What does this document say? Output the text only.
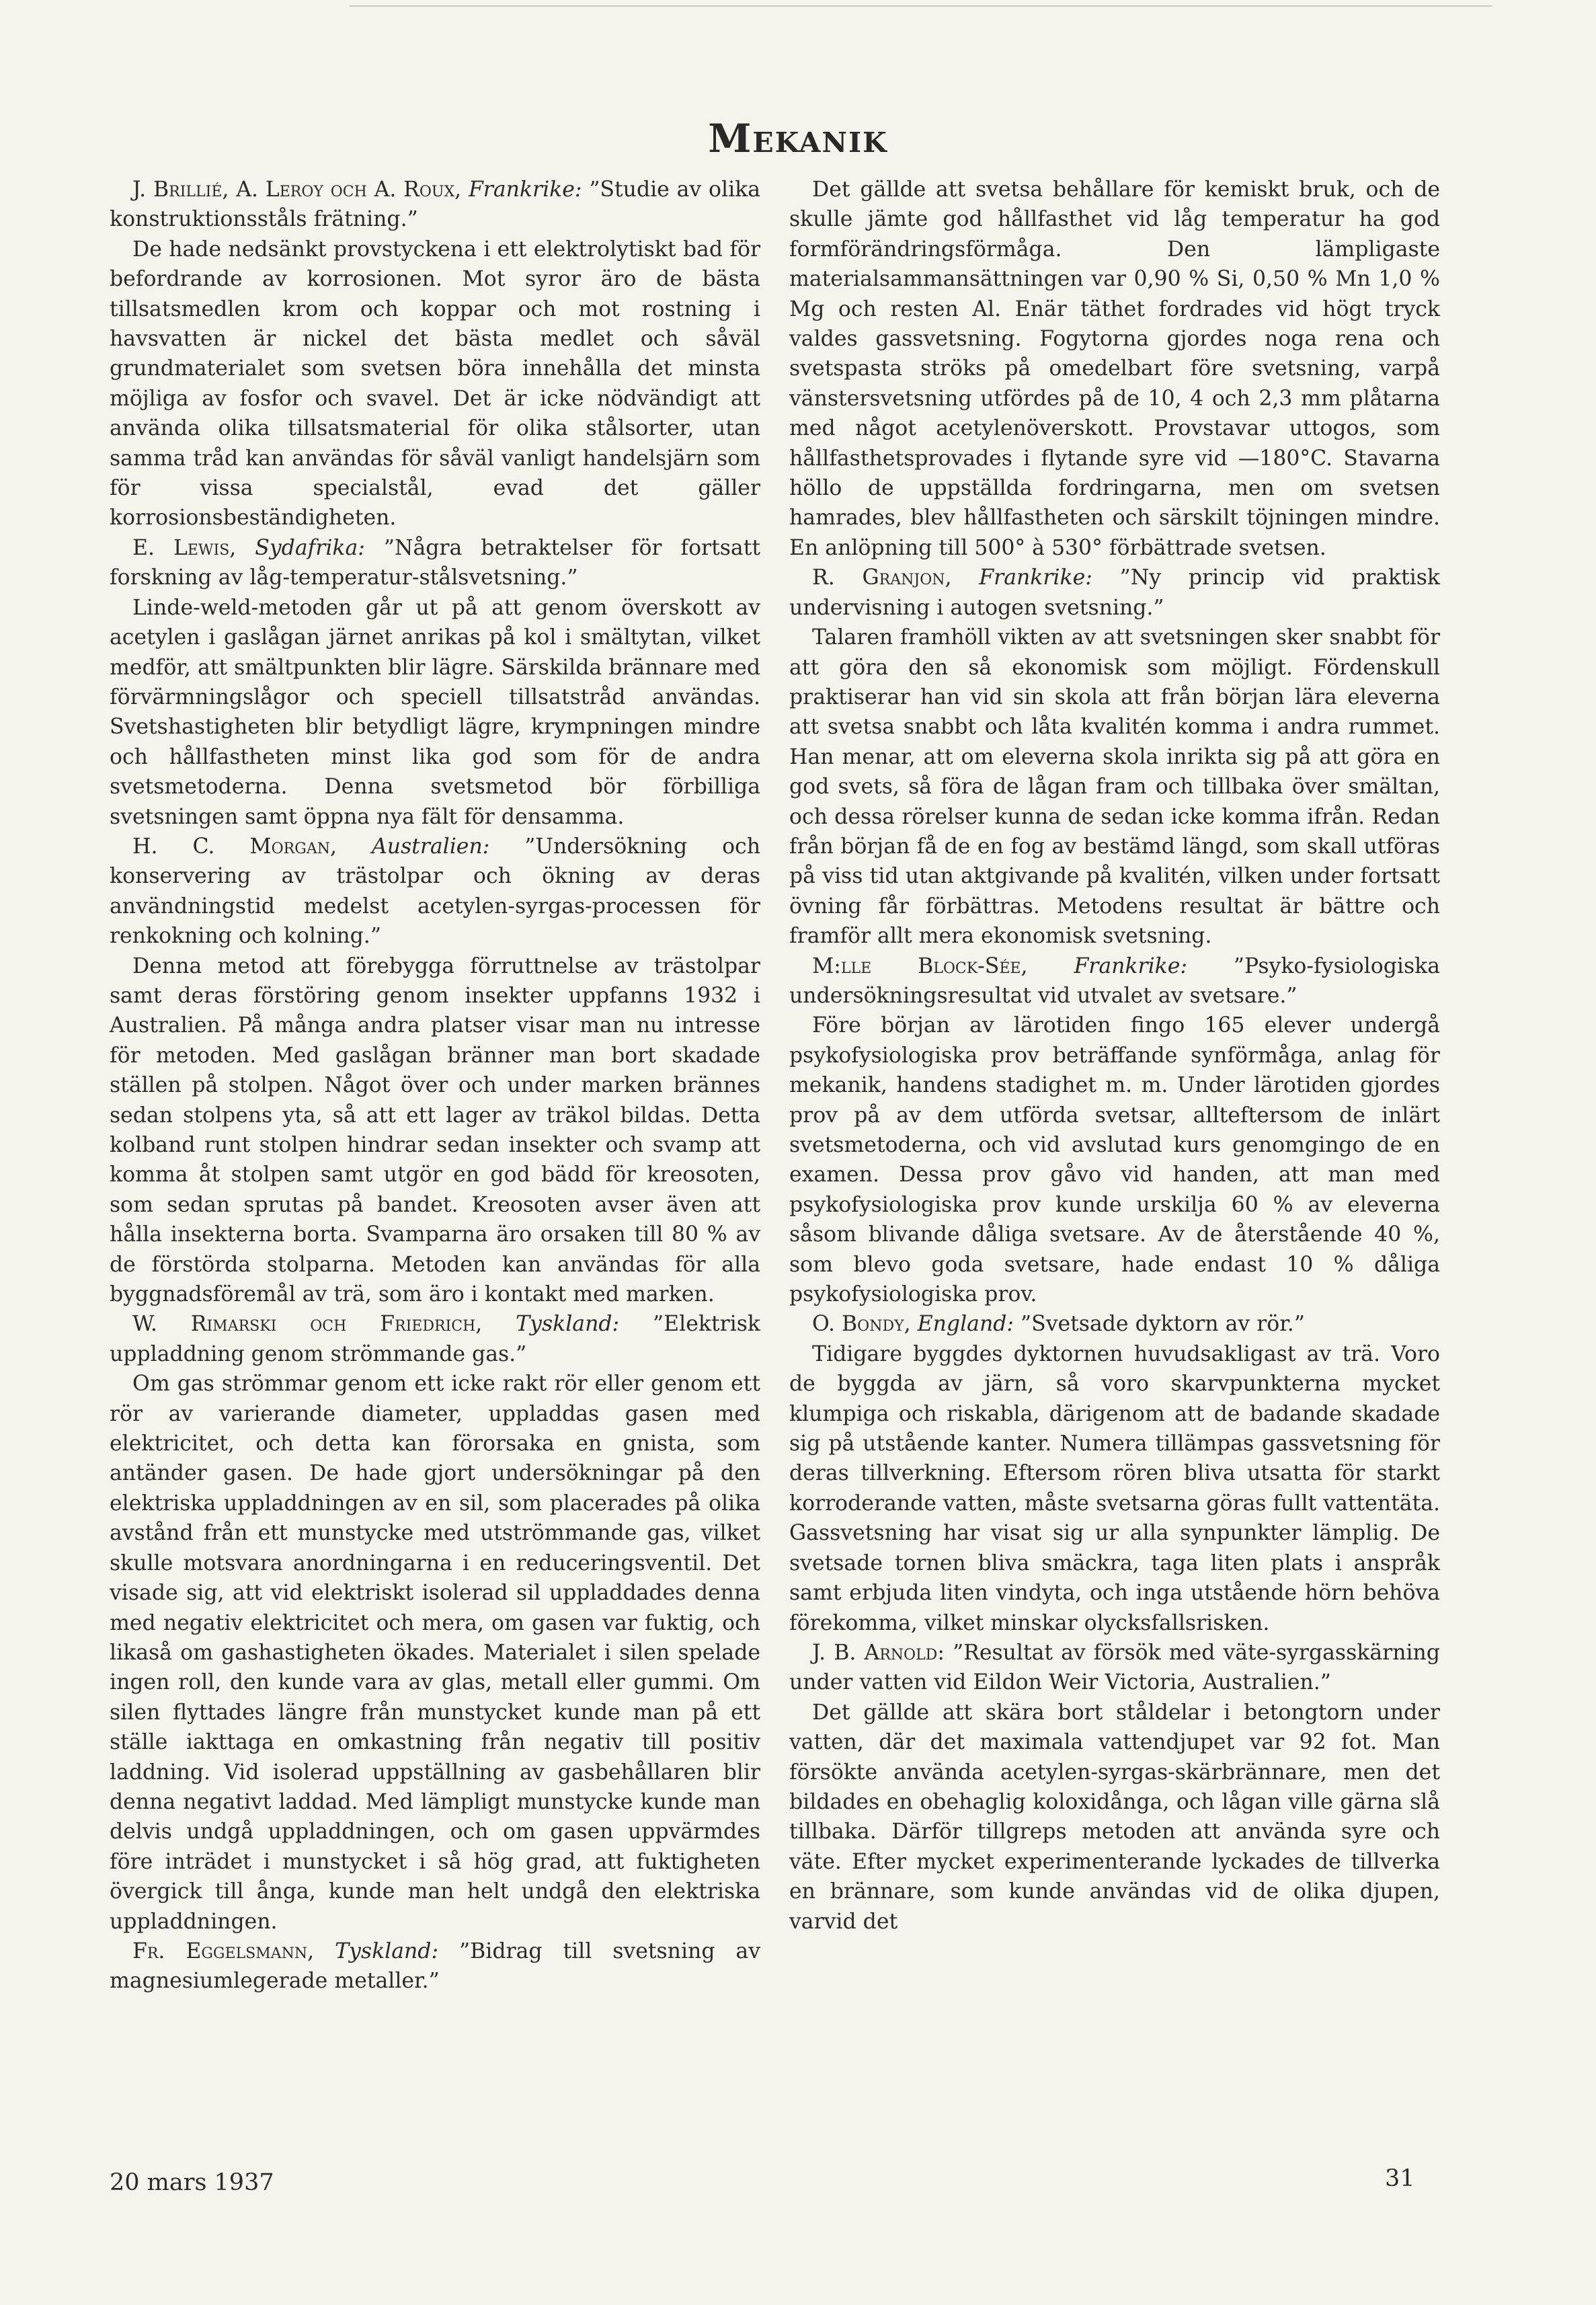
Mekanik

J. Brillié, A. Leroy och A. Roux, Frankrike: ”Studie av olika konstruktionsståls frätning.”

De hade nedsänkt provstyckena i ett elektrolytiskt bad för befordrande av korrosionen. Mot syror äro de bästa tillsatsmedlen krom och koppar och mot rostning i havsvatten är nickel det bästa medlet och såväl grundmaterialet som svetsen böra innehålla det minsta möjliga av fosfor och svavel. Det är icke nödvändigt att använda olika tillsatsmaterial för olika stålsorter, utan samma tråd kan användas för såväl vanligt handelsjärn som för vissa specialstål, evad det gäller korrosionsbeständigheten.

E. Lewis, Sydafrika: ”Några betraktelser för fortsatt forskning av låg-temperatur-stålsvetsning.”

Linde-weld-metoden går ut på att genom överskott av acetylen i gaslågan järnet anrikas på kol i smältytan, vilket medför, att smältpunkten blir lägre. Särskilda brännare med förvärmningslågor och speciell tillsatstråd användas. Svetshastigheten blir betydligt lägre, krympningen mindre och hållfastheten minst lika god som för de andra svetsmetoderna. Denna svetsmetod bör förbilliga svetsningen samt öppna nya fält för densamma.

H. C. Morgan, Australien: ”Undersökning och konservering av trästolpar och ökning av deras användningstid medelst acetylen-syrgas-processen för renkokning och kolning.”

Denna metod att förebygga förruttnelse av trästolpar samt deras förstöring genom insekter uppfanns 1932 i Australien. På många andra platser visar man nu intresse för metoden. Med gaslågan bränner man bort skadade ställen på stolpen. Något över och under marken brännes sedan stolpens yta, så att ett lager av träkol bildas. Detta kolband runt stolpen hindrar sedan insekter och svamp att komma åt stolpen samt utgör en god bädd för kreosoten, som sedan sprutas på bandet. Kreosoten avser även att hålla insekterna borta. Svamparna äro orsaken till 80 % av de förstörda stolparna. Metoden kan användas för alla byggnadsföremål av trä, som äro i kontakt med marken.

W. Rimarski och Friedrich, Tyskland: ”Elektrisk uppladdning genom strömmande gas.”

Om gas strömmar genom ett icke rakt rör eller genom ett rör av varierande diameter, uppladdas gasen med elektricitet, och detta kan förorsaka en gnista, som antänder gasen. De hade gjort undersökningar på den elektriska uppladdningen av en sil, som placerades på olika avstånd från ett munstycke med utströmmande gas, vilket skulle motsvara anordningarna i en reduceringsventil. Det visade sig, att vid elektriskt isolerad sil uppladdades denna med negativ elektricitet och mera, om gasen var fuktig, och likaså om gashastigheten ökades. Materialet i silen spelade ingen roll, den kunde vara av glas, metall eller gummi. Om silen flyttades längre från munstycket kunde man på ett ställe iakttaga en omkastning från negativ till positiv laddning. Vid isolerad uppställning av gasbehållaren blir denna negativt laddad. Med lämpligt munstycke kunde man delvis undgå uppladdningen, och om gasen uppvärmdes före inträdet i munstycket i så hög grad, att fuktigheten övergick till ånga, kunde man helt undgå den elektriska uppladdningen.

Fr. Eggelsmann, Tyskland: ”Bidrag till svetsning av magnesiumlegerade metaller.”

Det gällde att svetsa behållare för kemiskt bruk, och de skulle jämte god hållfasthet vid låg temperatur ha god formförändringsförmåga. Den lämpligaste materialsammansättningen var 0,90 % Si, 0,50 % Mn 1,0 % Mg och resten Al. Enär täthet fordrades vid högt tryck valdes gassvetsning. Fogytorna gjordes noga rena och svetspasta ströks på omedelbart före svetsning, varpå vänstersvetsning utfördes på de 10, 4 och 2,3 mm plåtarna med något acetylenöverskott. Provstavar uttogos, som hållfasthetsprovades i flytande syre vid —180°C. Stavarna höllo de uppställda fordringarna, men om svetsen hamrades, blev hållfastheten och särskilt töjningen mindre. En anlöpning till 500° à 530° förbättrade svetsen.

R. Granjon, Frankrike: ”Ny princip vid praktisk undervisning i autogen svetsning.”

Talaren framhöll vikten av att svetsningen sker snabbt för att göra den så ekonomisk som möjligt. Fördenskull praktiserar han vid sin skola att från början lära eleverna att svetsa snabbt och låta kvalitén komma i andra rummet. Han menar, att om eleverna skola inrikta sig på att göra en god svets, så föra de lågan fram och tillbaka över smältan, och dessa rörelser kunna de sedan icke komma ifrån. Redan från början få de en fog av bestämd längd, som skall utföras på viss tid utan aktgivande på kvalitén, vilken under fortsatt övning får förbättras. Metodens resultat är bättre och framför allt mera ekonomisk svetsning.

M:lle Block-Sée, Frankrike: ”Psyko-fysiologiska undersökningsresultat vid utvalet av svetsare.”

Före början av lärotiden fingo 165 elever undergå psykofysiologiska prov beträffande synförmåga, anlag för mekanik, handens stadighet m. m. Under lärotiden gjordes prov på av dem utförda svetsar, allteftersom de inlärt svetsmetoderna, och vid avslutad kurs genomgingo de en examen. Dessa prov gåvo vid handen, att man med psykofysiologiska prov kunde urskilja 60 % av eleverna såsom blivande dåliga svetsare. Av de återstående 40 %, som blevo goda svetsare, hade endast 10 % dåliga psykofysiologiska prov.

O. Bondy, England: ”Svetsade dyktorn av rör.”

Tidigare byggdes dyktornen huvudsakligast av trä. Voro de byggda av järn, så voro skarvpunkterna mycket klumpiga och riskabla, därigenom att de badande skadade sig på utstående kanter. Numera tillämpas gassvetsning för deras tillverkning. Eftersom rören bliva utsatta för starkt korroderande vatten, måste svetsarna göras fullt vattentäta. Gassvetsning har visat sig ur alla synpunkter lämplig. De svetsade tornen bliva smäckra, taga liten plats i anspråk samt erbjuda liten vindyta, och inga utstående hörn behöva förekomma, vilket minskar olycksfallsrisken.

J. B. Arnold: ”Resultat av försök med väte-syrgasskärning under vatten vid Eildon Weir Victoria, Australien.”

Det gällde att skära bort ståldelar i betongtorn under vatten, där det maximala vattendjupet var 92 fot. Man försökte använda acetylen-syrgas-skärbrännare, men det bildades en obehaglig koloxidånga, och lågan ville gärna slå tillbaka. Därför tillgreps metoden att använda syre och väte. Efter mycket experimenterande lyckades de tillverka en brännare, som kunde användas vid de olika djupen, varvid det

20 mars 1937	31
